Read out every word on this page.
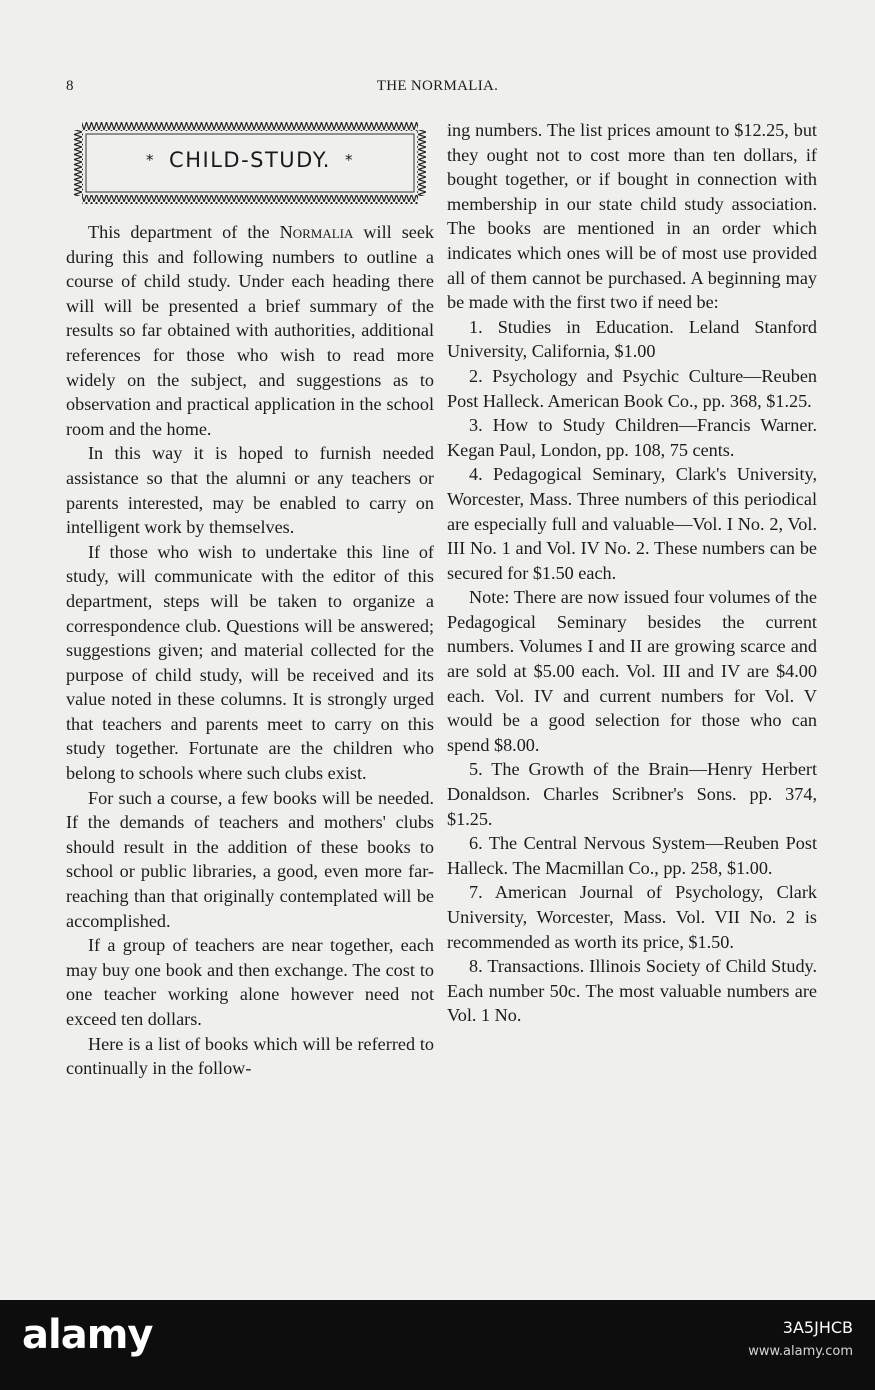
8	THE NORMALIA.
* CHILD-STUDY. *

This department of the Normalia will seek during this and following numbers to outline a course of child study. Under each heading there will will be presented a brief summary of the results so far obtained with authorities, additional references for those who wish to read more widely on the subject, and suggestions as to observation and practical application in the school room and the home.

In this way it is hoped to furnish needed assistance so that the alumni or any teachers or parents interested, may be enabled to carry on intelligent work by themselves.

If those who wish to undertake this line of study, will communicate with the editor of this department, steps will be taken to organize a correspondence club. Questions will be answered; suggestions given; and material collected for the purpose of child study, will be received and its value noted in these columns. It is strongly urged that teachers and parents meet to carry on this study together. Fortunate are the children who belong to schools where such clubs exist.

For such a course, a few books will be needed. If the demands of teachers and mothers' clubs should result in the addition of these books to school or public libraries, a good, even more far-reaching than that originally contemplated will be accomplished.

If a group of teachers are near together, each may buy one book and then exchange. The cost to one teacher working alone however need not exceed ten dollars.

Here is a list of books which will be referred to continually in the follow-

ing numbers. The list prices amount to $12.25, but they ought not to cost more than ten dollars, if bought together, or if bought in connection with membership in our state child study association. The books are mentioned in an order which indicates which ones will be of most use provided all of them cannot be purchased. A beginning may be made with the first two if need be:

1. Studies in Education. Leland Stanford University, California, $1.00

2. Psychology and Psychic Culture—Reuben Post Halleck. American Book Co., pp. 368, $1.25.

3. How to Study Children—Francis Warner. Kegan Paul, London, pp. 108, 75 cents.

4. Pedagogical Seminary, Clark's University, Worcester, Mass. Three numbers of this periodical are especially full and valuable—Vol. I No. 2, Vol. III No. 1 and Vol. IV No. 2. These numbers can be secured for $1.50 each.

Note: There are now issued four volumes of the Pedagogical Seminary besides the current numbers. Volumes I and II are growing scarce and are sold at $5.00 each. Vol. III and IV are $4.00 each. Vol. IV and current numbers for Vol. V would be a good selection for those who can spend $8.00.

5. The Growth of the Brain—Henry Herbert Donaldson. Charles Scribner's Sons. pp. 374, $1.25.

6. The Central Nervous System—Reuben Post Halleck. The Macmillan Co., pp. 258, $1.00.

7. American Journal of Psychology, Clark University, Worcester, Mass. Vol. VII No. 2 is recommended as worth its price, $1.50.

8. Transactions. Illinois Society of Child Study. Each number 50c. The most valuable numbers are Vol. 1 No.

alamy	3A5JHCB
www.alamy.com
